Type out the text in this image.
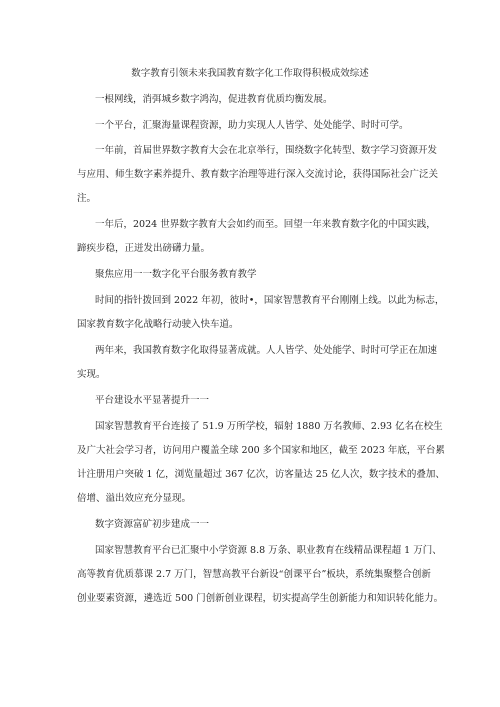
数字教育引领未来我国教育数字化工作取得积极成效综述
一根网线，消弭城乡数字鸿沟，促进教育优质均衡发展。
一个平台，汇聚海量课程资源，助力实现人人皆学、处处能学、时时可学。
一年前，首届世界数字教育大会在北京举行，围绕数字化转型、数字学习资源开发
与应用、师生数字素养提升、教育数字治理等进行深入交流讨论，获得国际社会广泛关
注。
一年后，2024 世界数字教育大会如约而至。回望一年来教育数字化的中国实践，
蹄疾步稳，正迸发出磅礴力量。
聚焦应用一一数字化平台服务教育教学
时间的指针拨回到 2022 年初，彼时•，国家智慧教育平台刚刚上线。以此为标志，
国家教育数字化战略行动驶入快车道。
两年来，我国教育数字化取得显著成就。人人皆学、处处能学、时时可学正在加速
实现。
平台建设水平显著提升一一
国家智慧教育平台连接了 51.9 万所学校，辐射 1880 万名教师、2.93 亿名在校生
及广大社会学习者，访问用户覆盖全球 200 多个国家和地区，截至 2023 年底，平台累
计注册用户突破 1 亿，浏览量超过 367 亿次，访客量达 25 亿人次，数字技术的叠加、
倍增、溢出效应充分显现。
数字资源富矿初步建成一一
国家智慧教育平台已汇聚中小学资源 8.8 万条、职业教育在线精品课程超 1 万门、
高等教育优质慕课 2.7 万门，智慧高教平台新设“创课平台”板块，系统集聚整合创新
创业要素资源，遴选近 500 门创新创业课程，切实提高学生创新能力和知识转化能力。
